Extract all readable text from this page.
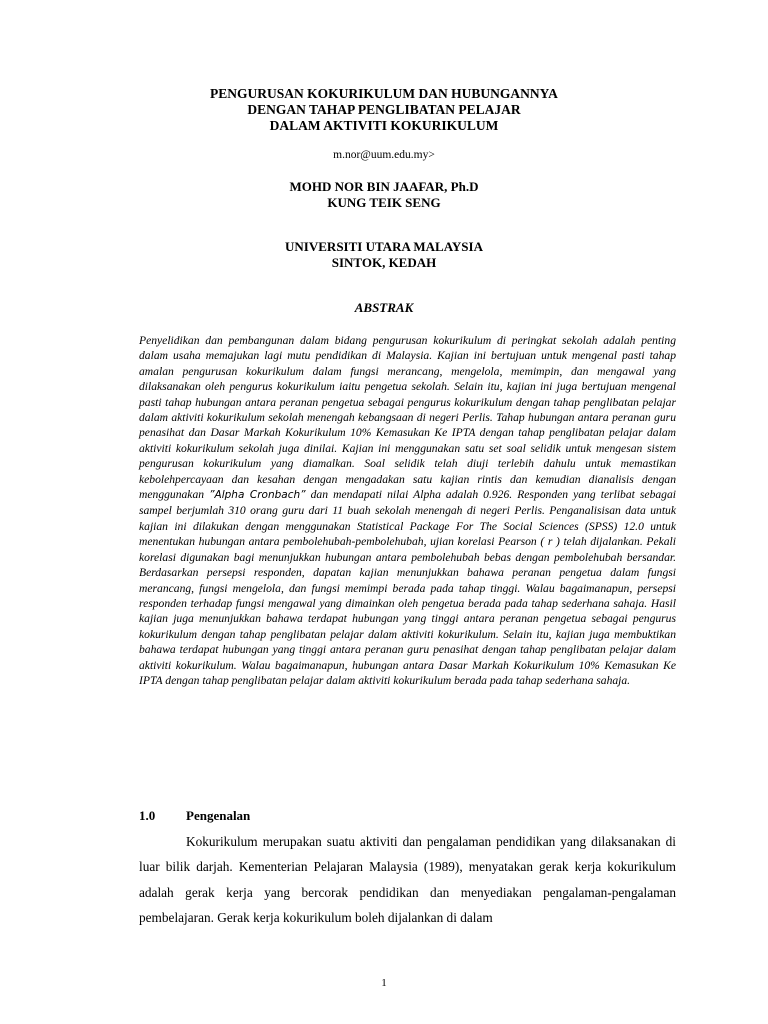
PENGURUSAN KOKURIKULUM DAN HUBUNGANNYA
DENGAN TAHAP PENGLIBATAN PELAJAR
DALAM AKTIVITI KOKURIKULUM
m.nor@uum.edu.my>
MOHD NOR BIN JAAFAR, Ph.D
KUNG TEIK SENG
UNIVERSITI UTARA MALAYSIA
SINTOK, KEDAH
ABSTRAK

Penyelidikan dan pembangunan dalam bidang pengurusan kokurikulum di peringkat sekolah adalah penting dalam usaha memajukan lagi mutu pendidikan di Malaysia. Kajian ini bertujuan untuk mengenal pasti tahap amalan pengurusan kokurikulum dalam fungsi merancang, mengelola, memimpin, dan mengawal yang dilaksanakan oleh pengurus kokurikulum iaitu pengetua sekolah. Selain itu, kajian ini juga bertujuan mengenal pasti tahap hubungan antara peranan pengetua sebagai pengurus kokurikulum dengan tahap penglibatan pelajar dalam aktiviti kokurikulum sekolah menengah kebangsaan di negeri Perlis. Tahap hubungan antara peranan guru penasihat dan Dasar Markah Kokurikulum 10% Kemasukan Ke IPTA dengan tahap penglibatan pelajar dalam aktiviti kokurikulum sekolah juga dinilai. Kajian ini menggunakan satu set soal selidik untuk mengesan sistem pengurusan kokurikulum yang diamalkan. Soal selidik telah diuji terlebih dahulu untuk memastikan kebolehpercayaan dan kesahan dengan mengadakan satu kajian rintis dan kemudian dianalisis dengan menggunakan ”Alpha Cronbach” dan mendapati nilai Alpha adalah 0.926. Responden yang terlibat sebagai sampel berjumlah 310 orang guru dari 11 buah sekolah menengah di negeri Perlis. Penganalisisan data untuk kajian ini dilakukan dengan menggunakan Statistical Package For The Social Sciences (SPSS) 12.0 untuk menentukan hubungan antara pembolehubah-pembolehubah, ujian korelasi Pearson ( r ) telah dijalankan. Pekali korelasi digunakan bagi menunjukkan hubungan antara pembolehubah bebas dengan pembolehubah bersandar. Berdasarkan persepsi responden, dapatan kajian menunjukkan bahawa peranan pengetua dalam fungsi merancang, fungsi mengelola, dan fungsi memimpi berada pada tahap tinggi. Walau bagaimanapun, persepsi responden terhadap fungsi mengawal yang dimainkan oleh pengetua berada pada tahap sederhana sahaja. Hasil kajian juga menunjukkan bahawa terdapat hubungan yang tinggi antara peranan pengetua sebagai pengurus kokurikulum dengan tahap penglibatan pelajar dalam aktiviti kokurikulum. Selain itu, kajian juga membuktikan bahawa terdapat hubungan yang tinggi antara peranan guru penasihat dengan tahap penglibatan pelajar dalam aktiviti kokurikulum. Walau bagaimanapun, hubungan antara Dasar Markah Kokurikulum 10% Kemasukan Ke IPTA dengan tahap penglibatan pelajar dalam aktiviti kokurikulum berada pada tahap sederhana sahaja.

1.0 Pengenalan

Kokurikulum merupakan suatu aktiviti dan pengalaman pendidikan yang dilaksanakan di luar bilik darjah. Kementerian Pelajaran Malaysia (1989), menyatakan gerak kerja kokurikulum adalah gerak kerja yang bercorak pendidikan dan menyediakan pengalaman-pengalaman pembelajaran. Gerak kerja kokurikulum boleh dijalankan di dalam

1
